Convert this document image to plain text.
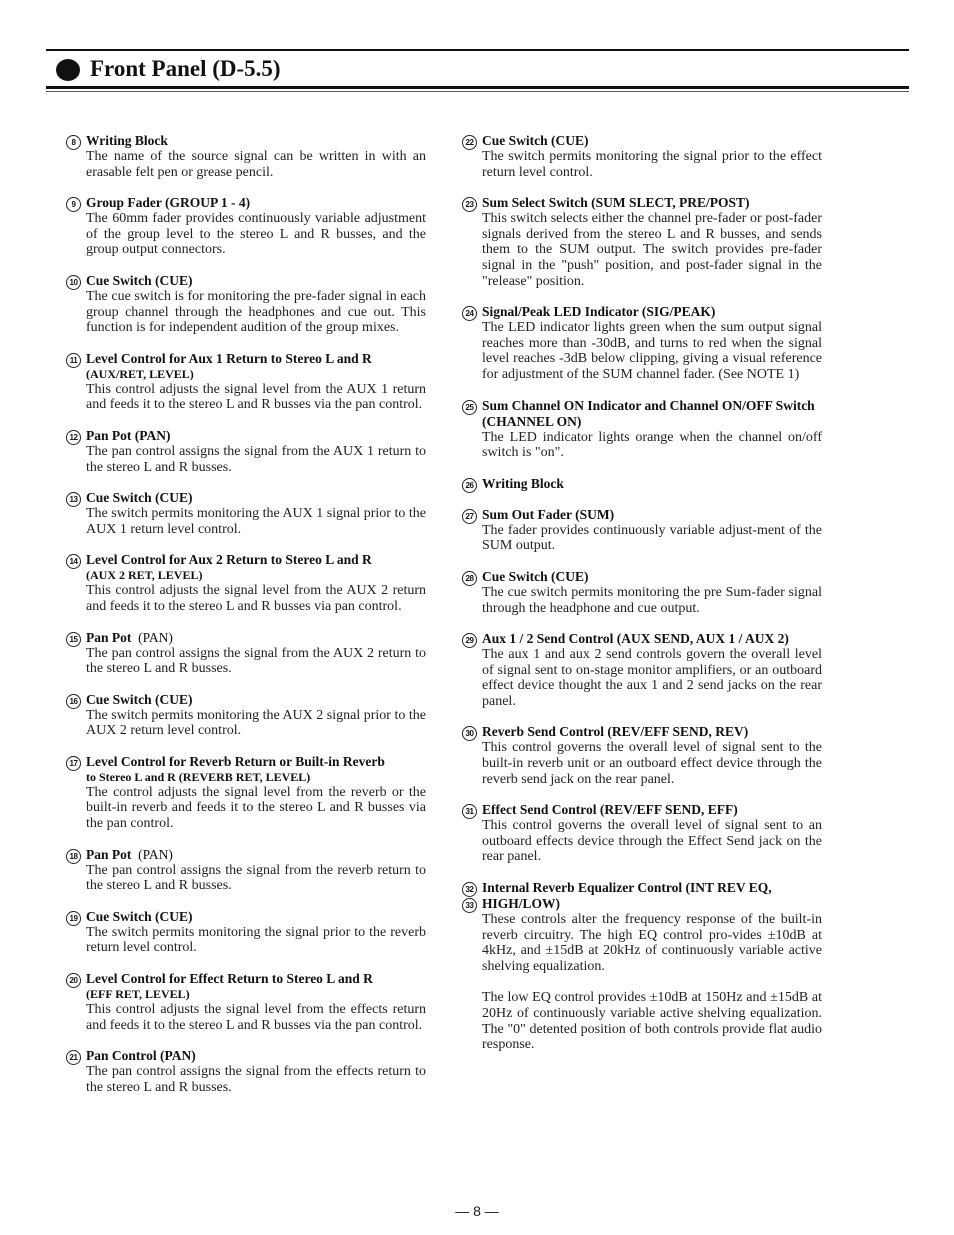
Front Panel (D-5.5)
8 Writing Block

The name of the source signal can be written in with an erasable felt pen or grease pencil.

9 Group Fader (GROUP 1 - 4)

The 60mm fader provides continuously variable adjustment of the group level to the stereo L and R busses, and the group output connectors.

10 Cue Switch (CUE)

The cue switch is for monitoring the pre-fader signal in each group channel through the headphones and cue out. This function is for independent audition of the group mixes.

11 Level Control for Aux 1 Return to Stereo L and R

(AUX/RET, LEVEL)

This control adjusts the signal level from the AUX 1 return and feeds it to the stereo L and R busses via the pan control.

12 Pan Pot (PAN)

The pan control assigns the signal from the AUX 1 return to the stereo L and R busses.

13 Cue Switch (CUE)

The switch permits monitoring the AUX 1 signal prior to the AUX 1 return level control.

14 Level Control for Aux 2 Return to Stereo L and R

(AUX 2 RET, LEVEL)

This control adjusts the signal level from the AUX 2 return and feeds it to the stereo L and R busses via pan control.

15 Pan Pot (PAN)

The pan control assigns the signal from the AUX 2 return to the stereo L and R busses.

16 Cue Switch (CUE)

The switch permits monitoring the AUX 2 signal prior to the AUX 2 return level control.

17 Level Control for Reverb Return or Built-in Reverb

to Stereo L and R (REVERB RET, LEVEL)

The control adjusts the signal level from the reverb or the built-in reverb and feeds it to the stereo L and R busses via the pan control.

18 Pan Pot (PAN)

The pan control assigns the signal from the reverb return to the stereo L and R busses.

19 Cue Switch (CUE)

The switch permits monitoring the signal prior to the reverb return level control.

20 Level Control for Effect Return to Stereo L and R

(EFF RET, LEVEL)

This control adjusts the signal level from the effects return and feeds it to the stereo L and R busses via the pan control.

21 Pan Control (PAN)

The pan control assigns the signal from the effects return to the stereo L and R busses.

22 Cue Switch (CUE)

The switch permits monitoring the signal prior to the effect return level control.

23 Sum Select Switch (SUM SLECT, PRE/POST)

This switch selects either the channel pre-fader or post-fader signals derived from the stereo L and R busses, and sends them to the SUM output. The switch provides pre-fader signal in the "push" position, and post-fader signal in the "release" position.

24 Signal/Peak LED Indicator (SIG/PEAK)

The LED indicator lights green when the sum output signal reaches more than -30dB, and turns to red when the signal level reaches -3dB below clipping, giving a visual reference for adjustment of the SUM channel fader. (See NOTE 1)

25 Sum Channel ON Indicator and Channel ON/OFF Switch (CHANNEL ON)

The LED indicator lights orange when the channel on/off switch is "on".

26 Writing Block

27 Sum Out Fader (SUM)

The fader provides continuously variable adjust-ment of the SUM output.

28 Cue Switch (CUE)

The cue switch permits monitoring the pre Sum-fader signal through the headphone and cue output.

29 Aux 1 / 2 Send Control (AUX SEND, AUX 1 / AUX 2)

The aux 1 and aux 2 send controls govern the overall level of signal sent to on-stage monitor amplifiers, or an outboard effect device thought the aux 1 and 2 send jacks on the rear panel.

30 Reverb Send Control (REV/EFF SEND, REV)

This control governs the overall level of signal sent to the built-in reverb unit or an outboard effect device through the reverb send jack on the rear panel.

31 Effect Send Control (REV/EFF SEND, EFF)

This control governs the overall level of signal sent to an outboard effects device through the Effect Send jack on the rear panel.

32
33

Internal Reverb Equalizer Control (INT REV EQ, HIGH/LOW)

These controls alter the frequency response of the built-in reverb circuitry. The high EQ control pro-vides ±10dB at 4kHz, and ±15dB at 20kHz of continuously variable active shelving equalization.

The low EQ control provides ±10dB at 150Hz and ±15dB at 20Hz of continuously variable active shelving equalization. The "0" detented position of both controls provide flat audio response.

— 8 —
